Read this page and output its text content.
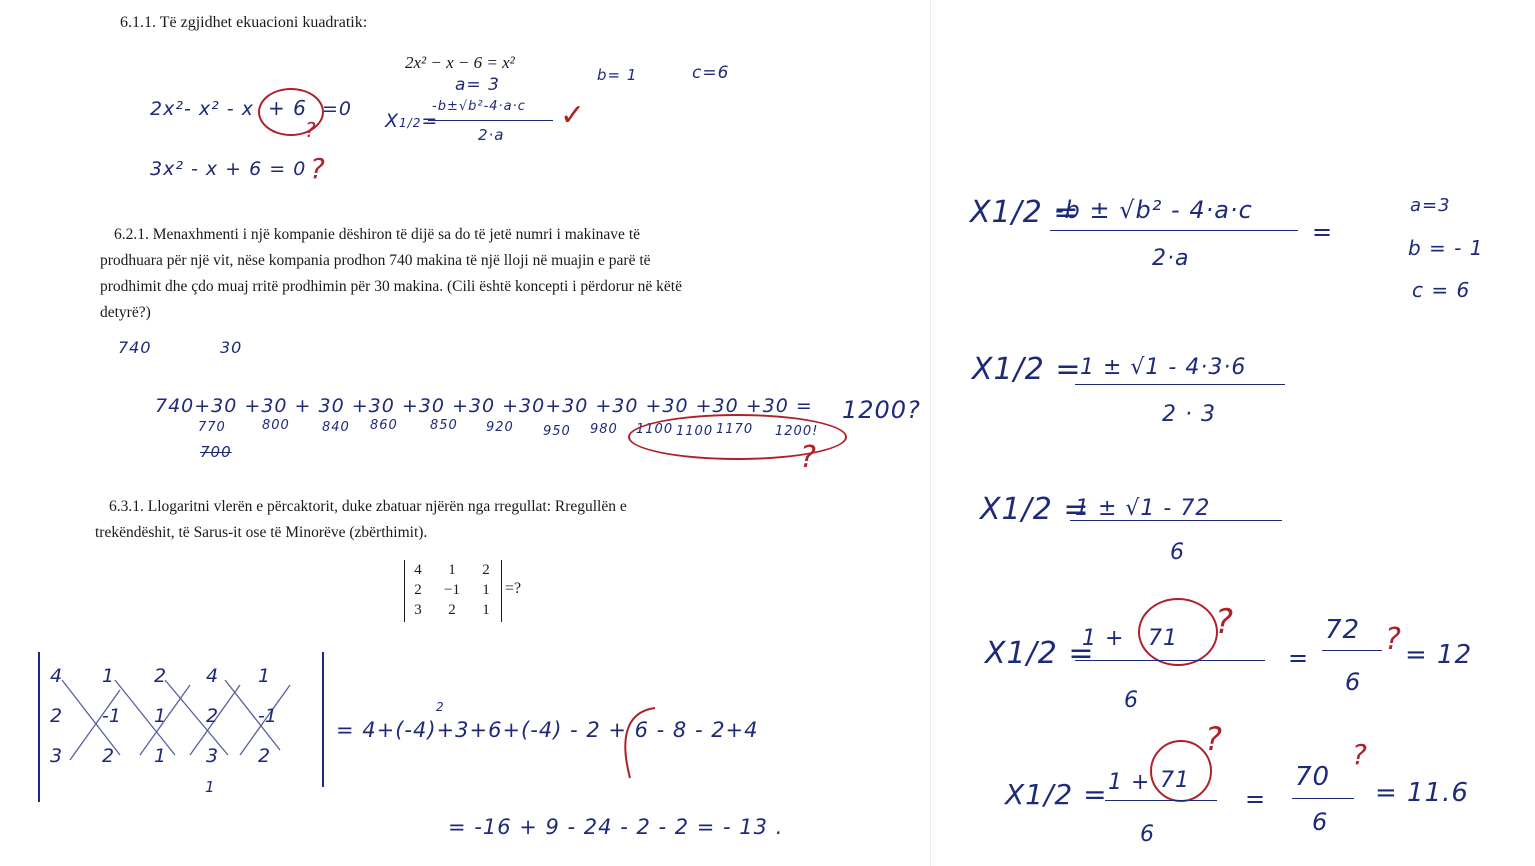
6.1.1. Të zgjidhet ekuacioni kuadratik:
2x² − x − 6 = x²
a= 3	b= 1	c=6
X1/2=
-b±√b²-4·a·c
2·a
✓
2x²- x² - x + 6 =0
?
3x² - x + 6 = 0 ?
6.2.1. Menaxhmenti i një kompanie dëshiron të dijë sa do të jetë numri i makinave të
prodhuara për një vit, nëse kompania prodhon 740 makina të një lloji në muajin e parë të
prodhimit dhe çdo muaj rritë prodhimin për 30 makina. (Cili është koncepti i përdorur në këtë
detyrë?)
740	30
740+30 +30 + 30 +30 +30 +30 +30+30 +30 +30 +30 +30 = 1200?
770	800 840 860 850 920 950 980 1100 1100 1170 1200!
?
700
6.3.1. Llogaritni vlerën e përcaktorit, duke zbatuar njërën nga rregullat: Rregullën e
trekëndëshit, të Sarus-it ose të Minorëve (zbërthimit).
4	1	2
2	−1	1
3	2	1
=?
4	1	2	4	1
2	-1	1	2	-1
3	2	1	3	2
1
= 4+(-4)+3+6+(-4) - 2 + 6 - 8 - 2+4
2
= -16 + 9 - 24 - 2 - 2 = - 13 .
X1/2 =
-b ± √b² - 4·a·c
2·a
=
a=3
b = - 1
c = 6
X1/2 =
1 ± √1 - 4·3·6
2 · 3
X1/2 =
1 ± √1 - 72
6
X1/2 =
1 + 71 ?
6
=
72
6
? = 12
X1/2 = 1 + 71
?
6
=
70
?
6
= 11.6
